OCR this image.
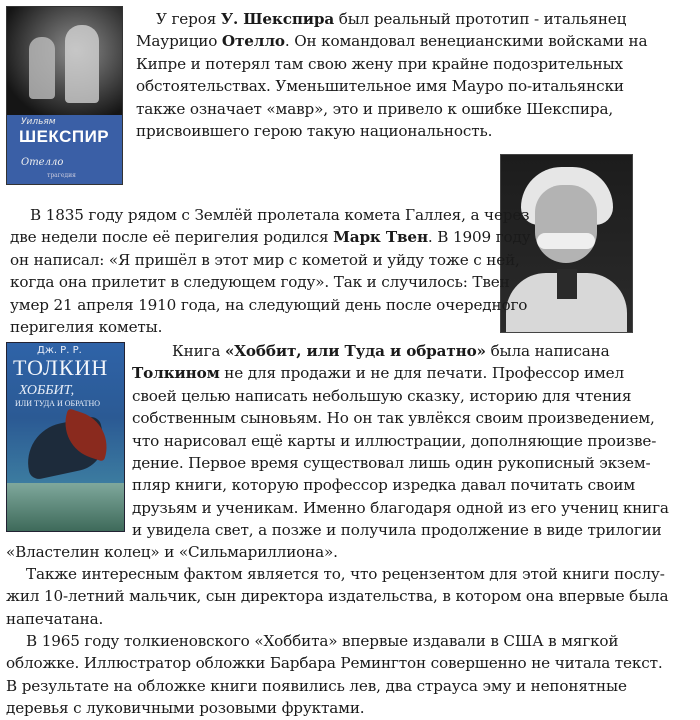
Уильям
ШЕКСПИР
Отелло
трагедия
У героя У. Шекспира был реальный прототип - итальянец
Маурицио Отелло. Он командовал венецианскими войсками на
Кипре и потерял там свою жену при крайне подозрительных
обстоятельствах. Уменьшительное имя Мауро по-итальянски
также означает «мавр», это и привело к ошибке Шекспира,
присвоившего герою такую национальность.
В 1835 году рядом с Землёй пролетала комета Галлея, а через
две недели после её перигелия родился Марк Твен. В 1909 году
он написал: «Я пришёл в этот мир с кометой и уйду тоже с ней,
когда она прилетит в следующем году». Так и случилось: Твен
умер 21 апреля 1910 года, на следующий день после очередного
перигелия кометы.
Дж. Р. Р.
ТОЛКИН
ХОББИТ,
ИЛИ ТУДА И ОБРАТНО
Книга «Хоббит, или Туда и обратно» была написана
Толкином не для продажи и не для печати. Профессор имел
своей целью написать небольшую сказку, историю для чтения
собственным сыновьям. Но он так увлёкся своим произведением,
что нарисовал ещё карты и иллюстрации, дополняющие произве-
дение. Первое время существовал лишь один рукописный экзем-
пляр книги, которую профессор изредка давал почитать своим
друзьям и ученикам. Именно благодаря одной из его учениц книга
и увидела свет, а позже и получила продолжение в виде трилогии
«Властелин колец» и «Сильмариллиона».
Также интересным фактом является то, что рецензентом для этой книги послу-
жил 10-летний мальчик, сын директора издательства, в котором она впервые была
напечатана.
В 1965 году толкиеновского «Хоббита» впервые издавали в США в мягкой
обложке. Иллюстратор обложки Барбара Ремингтон совершенно не читала текст.
В результате на обложке книги появились лев, два страуса эму и непонятные
деревья с луковичными розовыми фруктами.
